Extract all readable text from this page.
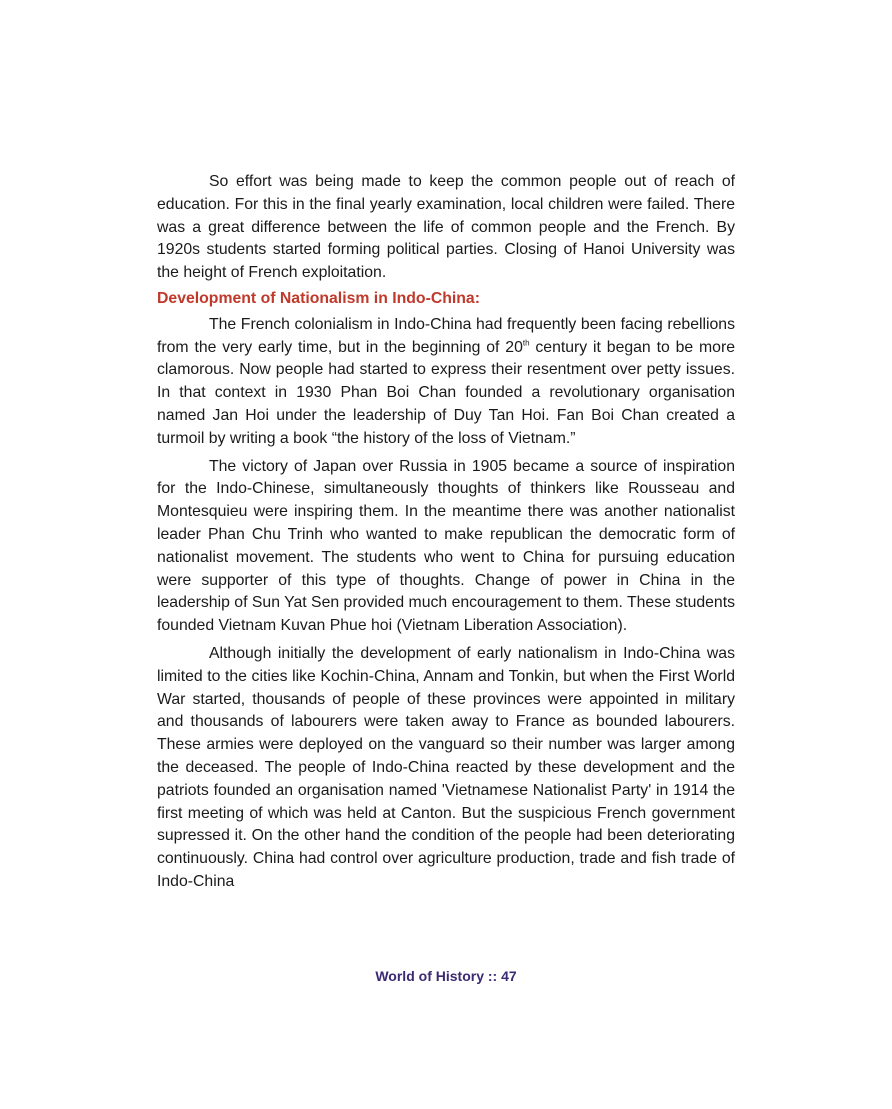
So effort was being made to keep the common people out of reach of education. For this in the final yearly examination, local children were failed. There was a great difference between the life of common people and the French. By 1920s students started forming political parties. Closing of Hanoi University was the height of French exploitation.

Development of Nationalism in Indo-China:

The French colonialism in Indo-China had frequently been facing rebellions from the very early time, but in the beginning of 20th century it began to be more clamorous. Now people had started to express their resentment over petty issues. In that context in 1930 Phan Boi Chan founded a revolutionary organisation named Jan Hoi under the leadership of Duy Tan Hoi. Fan Boi Chan created a turmoil by writing a book “the history of the loss of Vietnam.”

The victory of Japan over Russia in 1905 became a source of inspiration for the Indo-Chinese, simultaneously thoughts of thinkers like Rousseau and Montesquieu were inspiring them. In the meantime there was another nationalist leader Phan Chu Trinh who wanted to make republican the democratic form of nationalist movement. The students who went to China for pursuing education were supporter of this type of thoughts. Change of power in China in the leadership of Sun Yat Sen provided much encouragement to them. These students founded Vietnam Kuvan Phue hoi (Vietnam Liberation Association).

Although initially the development of early nationalism in Indo-China was limited to the cities like Kochin-China, Annam and Tonkin, but when the First World War started, thousands of people of these provinces were appointed in military and thousands of labourers were taken away to France as bounded labourers. These armies were deployed on the vanguard so their number was larger among the deceased. The people of Indo-China reacted by these development and the patriots founded an organisation named 'Vietnamese Nationalist Party' in 1914 the first meeting of which was held at Canton. But the suspicious French government supressed it. On the other hand the condition of the people had been deteriorating continuously. China had control over agriculture production, trade and fish trade of Indo-China

World of History :: 47
